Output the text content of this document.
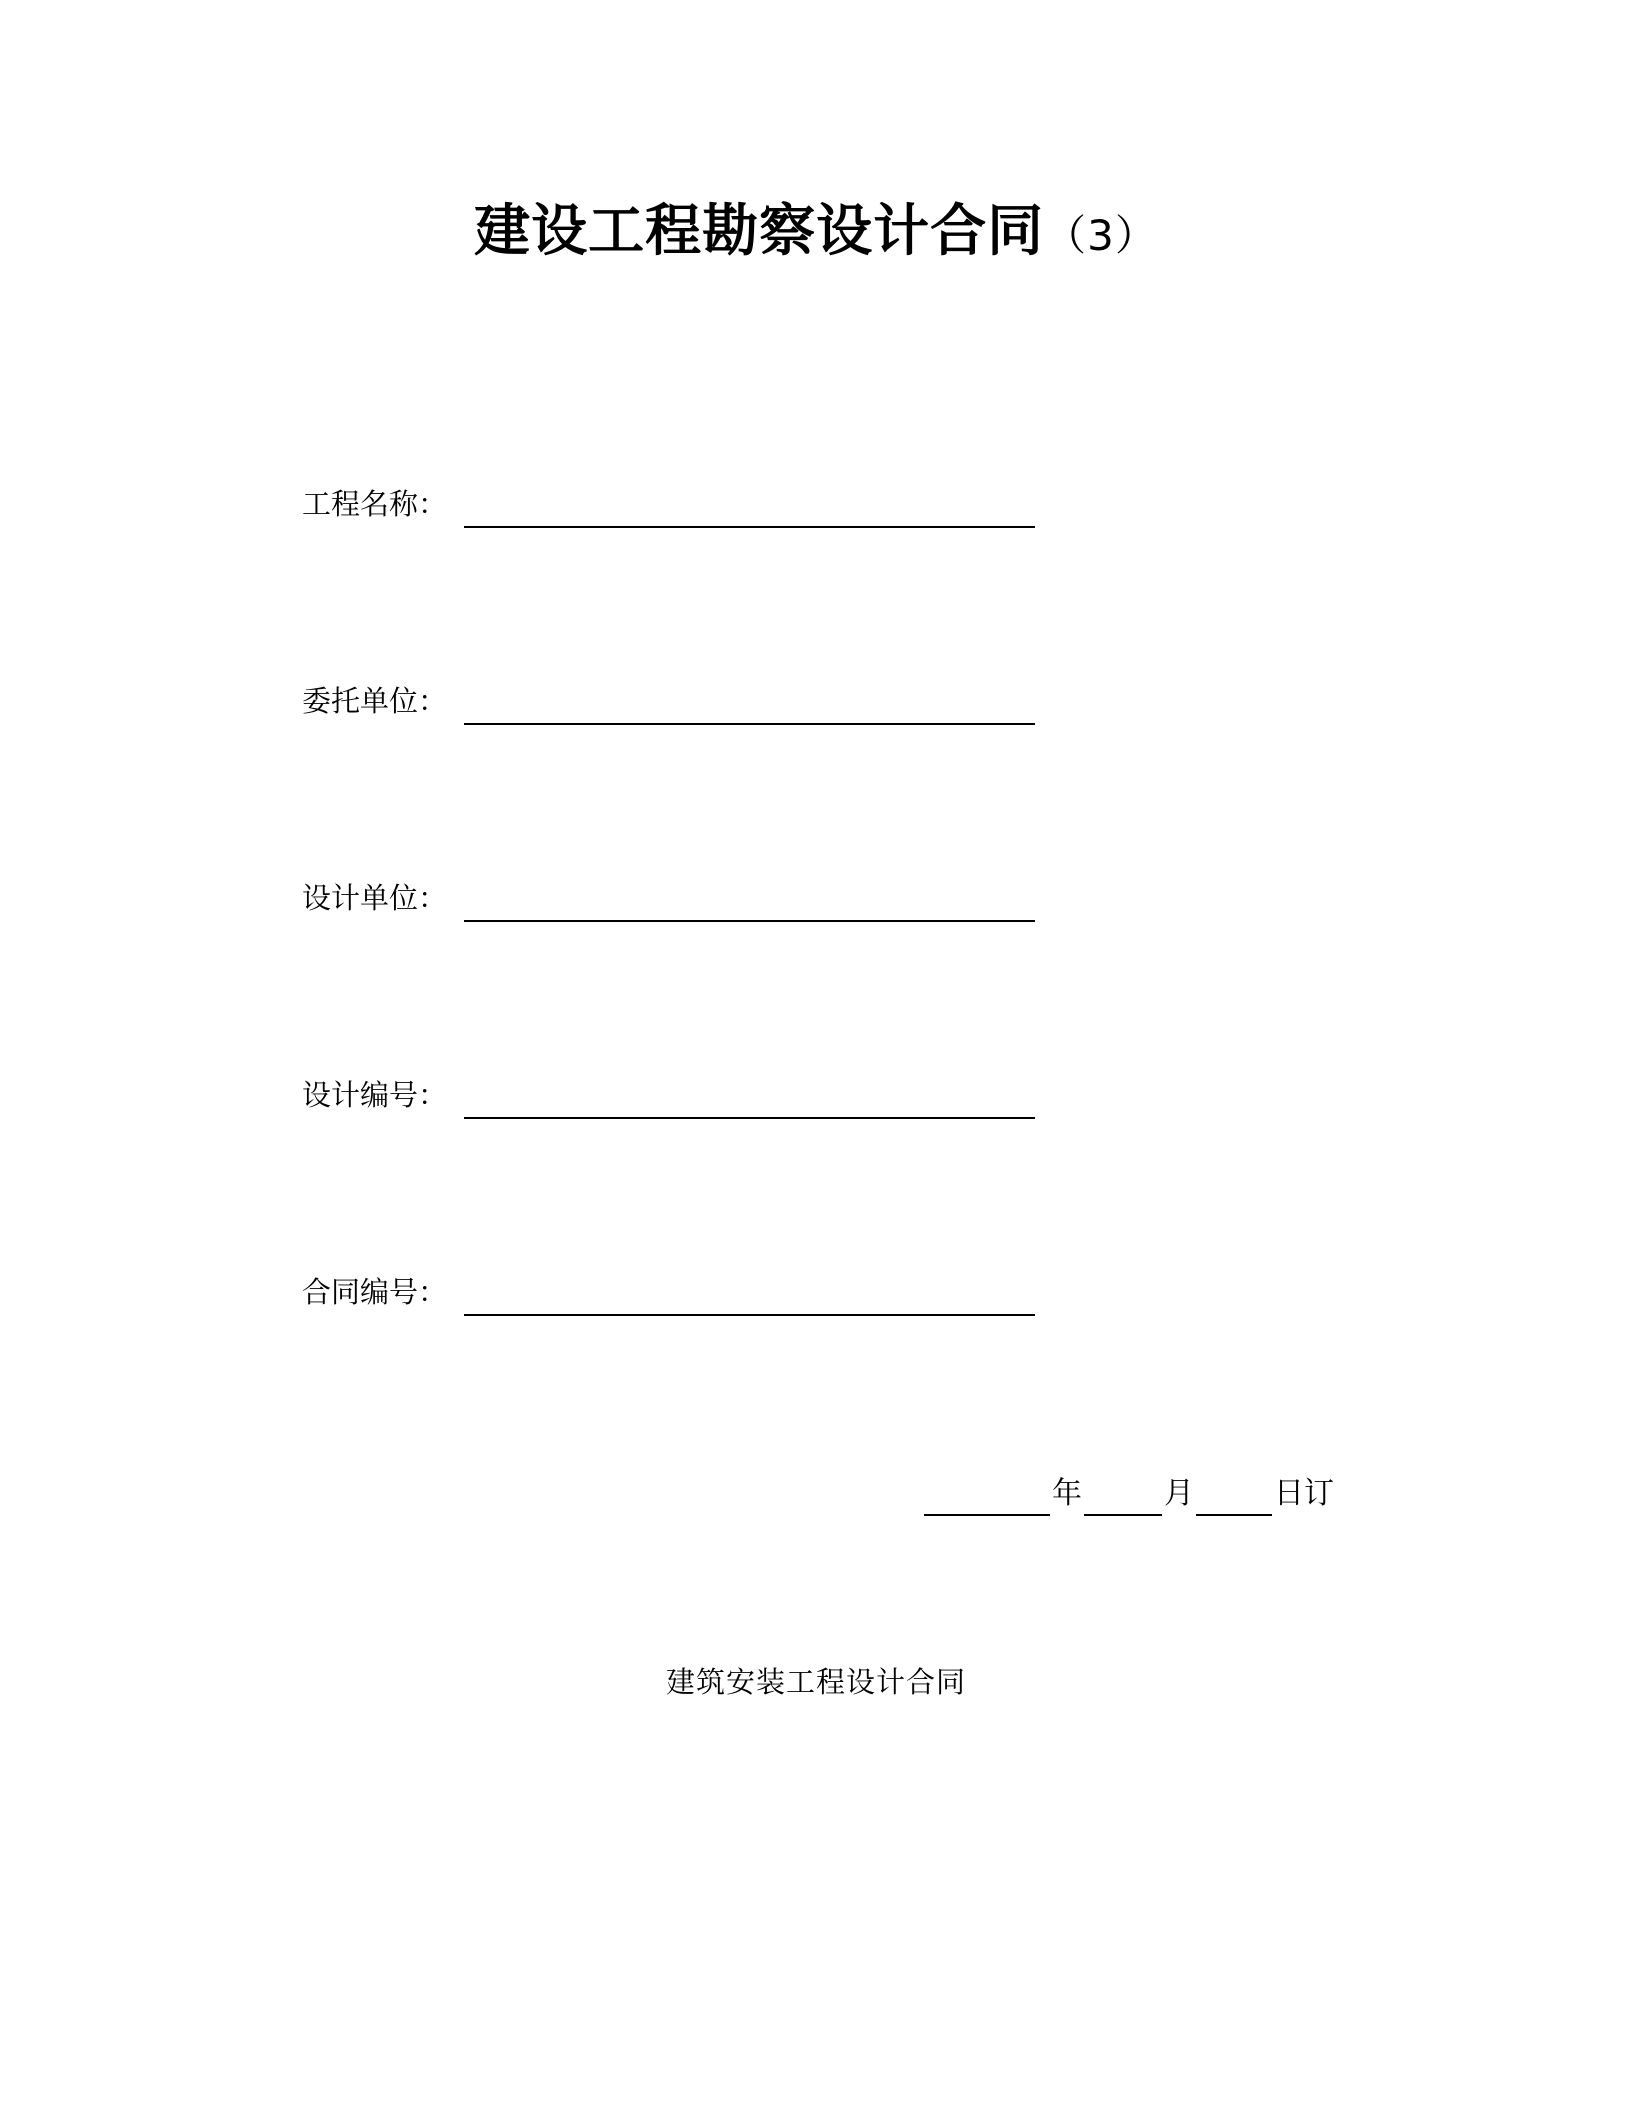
建设工程勘察设计合同（3）
工程名称：
委托单位：
设计单位：
设计编号：
合同编号：
年	月	日订
建筑安装工程设计合同
